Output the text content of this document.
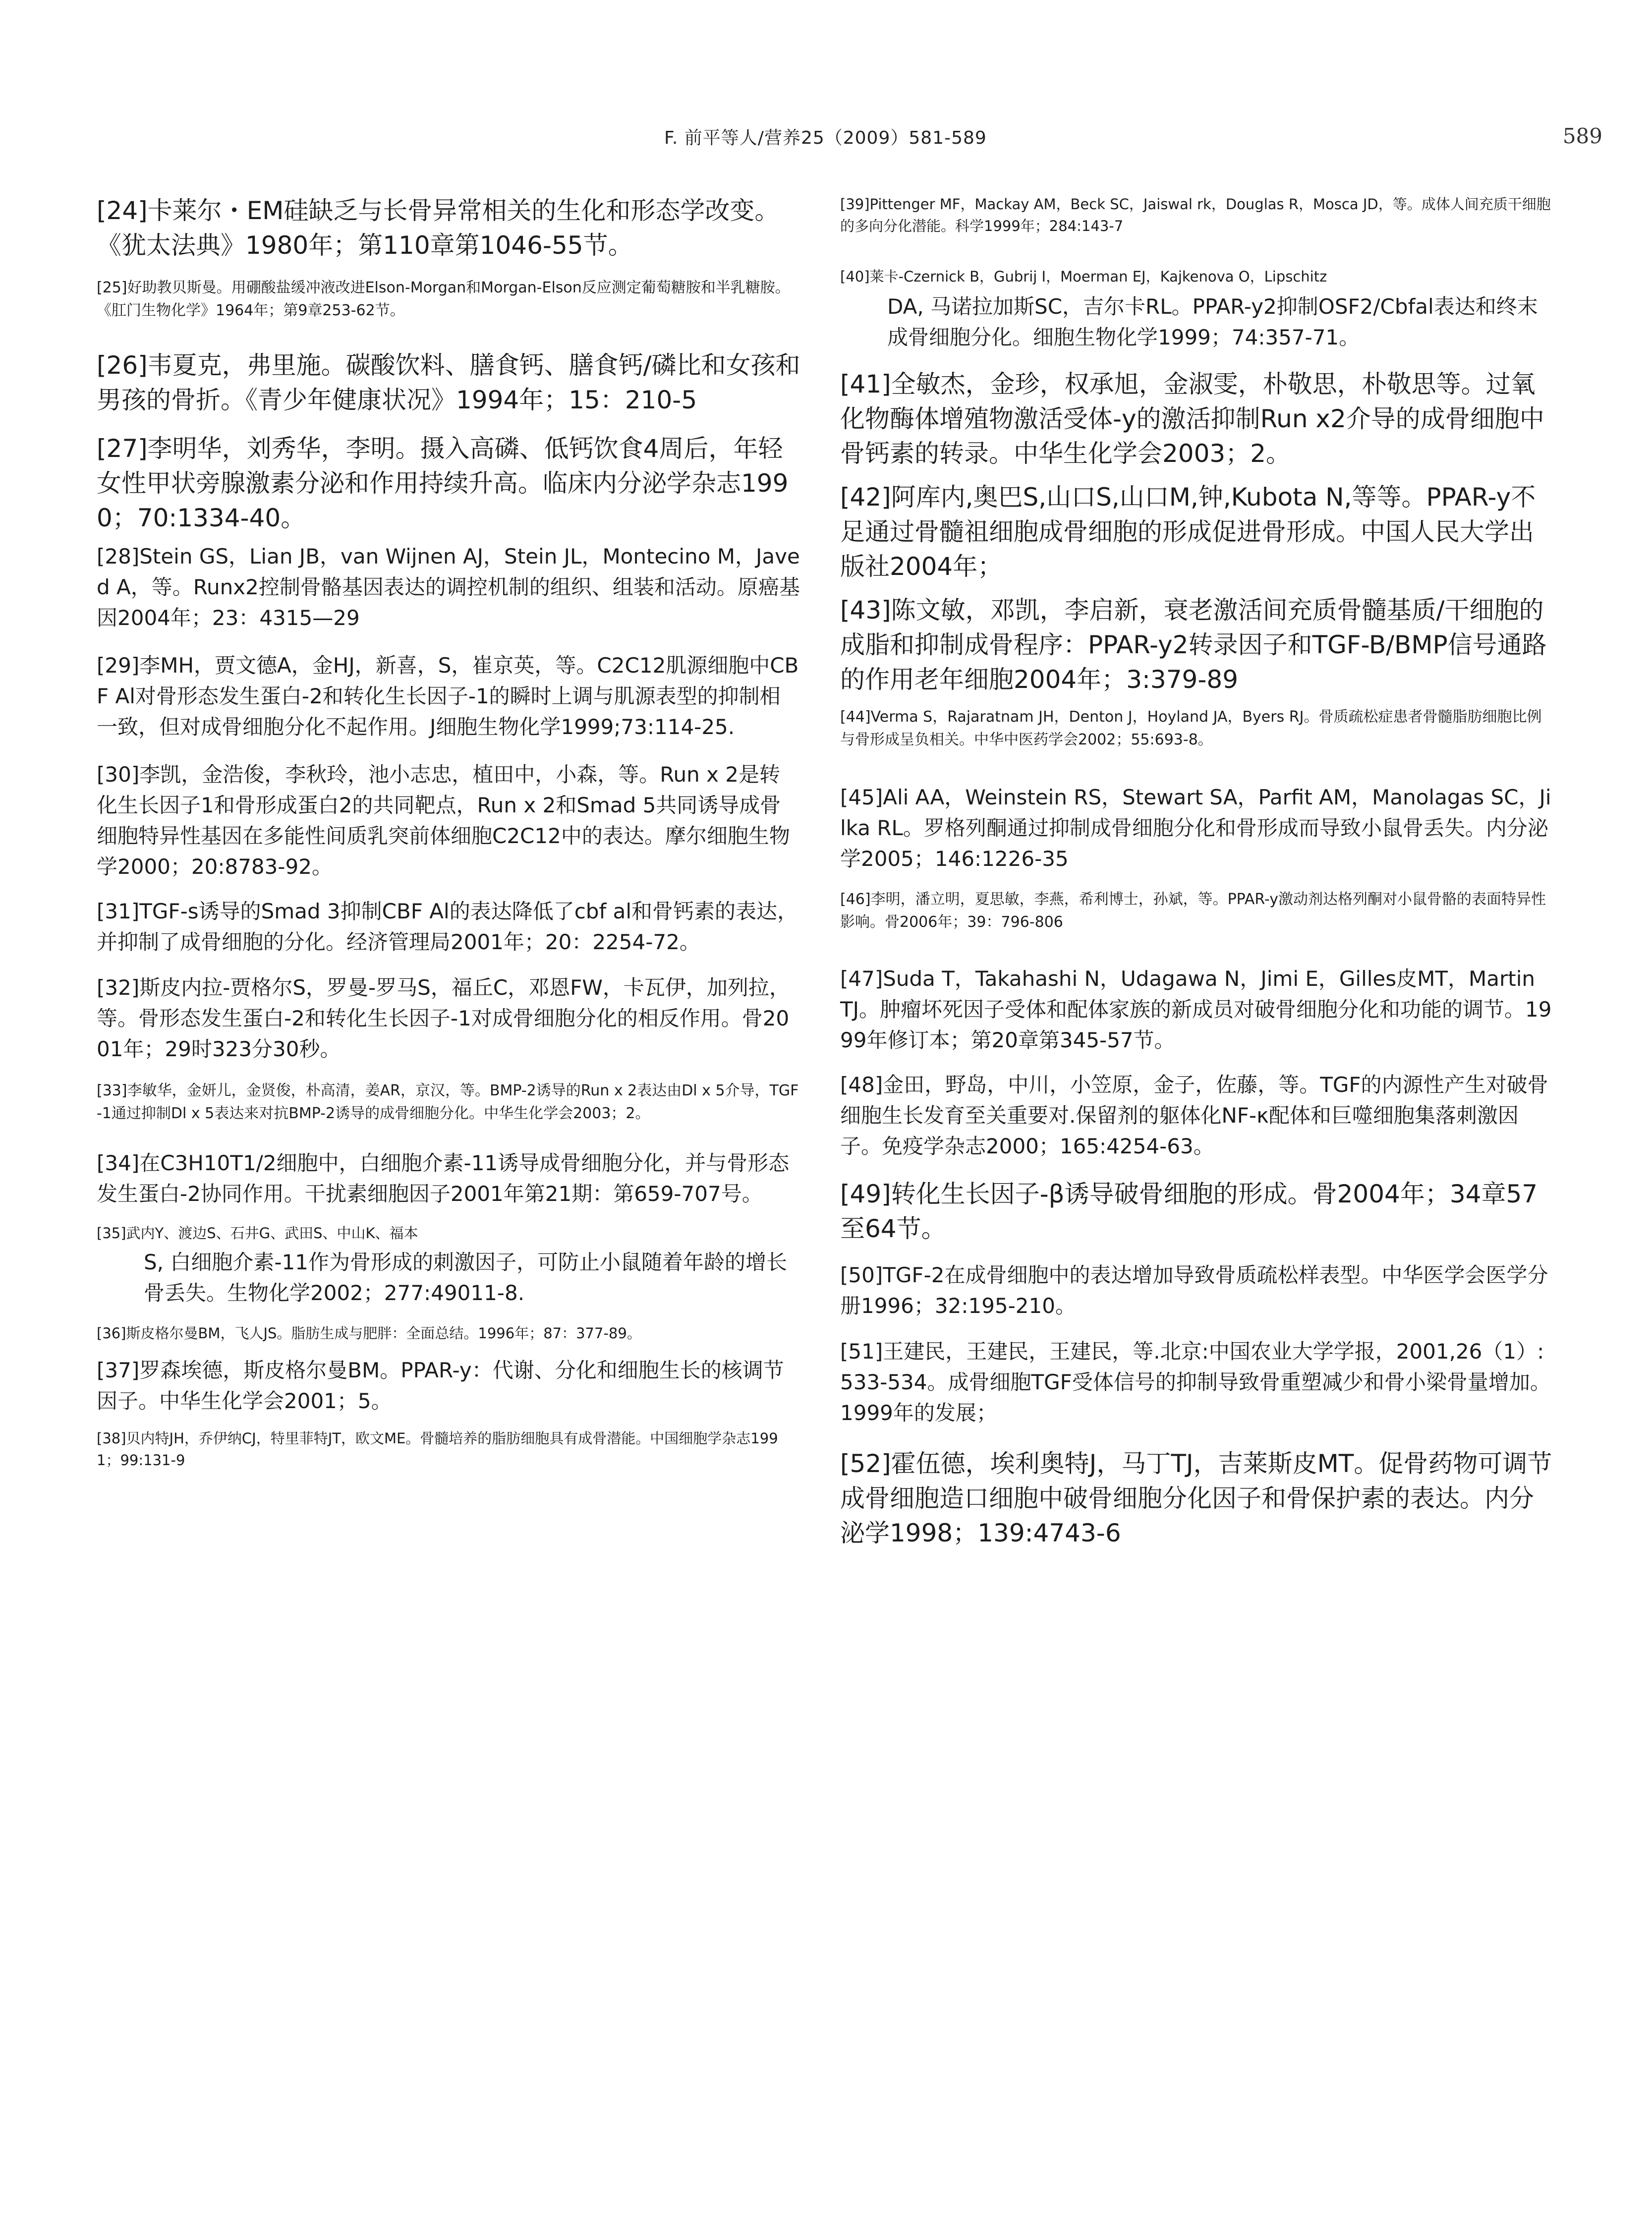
F. 前平等人/营养25（2009）581-589	589

[24]卡莱尔・EM硅缺乏与长骨异常相关的生化和形态学改变。《犹太法典》1980年；第110章第1046-55节。

[25]好助教贝斯曼。用硼酸盐缓冲液改进Elson-Morgan和Morgan-Elson反应测定葡萄糖胺和半乳糖胺。《肛门生物化学》1964年；第9章253-62节。

[26]韦夏克，弗里施。碳酸饮料、膳食钙、膳食钙/磷比和女孩和男孩的骨折。《青少年健康状况》1994年；15：210-5

[27]李明华，刘秀华，李明。摄入高磷、低钙饮食4周后，年轻女性甲状旁腺激素分泌和作用持续升高。临床内分泌学杂志1990；70:1334-40。

[28]Stein GS，Lian JB，van Wijnen AJ，Stein JL，Montecino M，Javed A，等。Runx2控制骨骼基因表达的调控机制的组织、组装和活动。原癌基因2004年；23：4315—29

[29]李MH，贾文德A，金HJ，新喜，S，崔京英，等。C2C12肌源细胞中CBF Al对骨形态发生蛋白-2和转化生长因子-1的瞬时上调与肌源表型的抑制相一致，但对成骨细胞分化不起作用。J细胞生物化学1999;73:114-25.

[30]李凯，金浩俊，李秋玲，池小志忠，植田中，小森，等。Run x 2是转化生长因子1和骨形成蛋白2的共同靶点，Run x 2和Smad 5共同诱导成骨细胞特异性基因在多能性间质乳突前体细胞C2C12中的表达。摩尔细胞生物学2000；20:8783-92。

[31]TGF-s诱导的Smad 3抑制CBF Al的表达降低了cbf al和骨钙素的表达，并抑制了成骨细胞的分化。经济管理局2001年；20：2254-72。

[32]斯皮内拉-贾格尔S，罗曼-罗马S，福丘C，邓恩FW，卡瓦伊，加列拉，等。骨形态发生蛋白-2和转化生长因子-1对成骨细胞分化的相反作用。骨2001年；29时323分30秒。

[33]李敏华，金妍儿，金贤俊，朴高清，姜AR，京汉，等。BMP-2诱导的Run x 2表达由Dl x 5介导，TGF-1通过抑制Dl x 5表达来对抗BMP-2诱导的成骨细胞分化。中华生化学会2003；2。

[34]在C3H10T1/2细胞中，白细胞介素-11诱导成骨细胞分化，并与骨形态发生蛋白-2协同作用。干扰素细胞因子2001年第21期：第659-707号。

[35]武内Y、渡边S、石井G、武田S、中山K、福本

S, 白细胞介素-11作为骨形成的刺激因子，可防止小鼠随着年龄的增长骨丢失。生物化学2002；277:49011-8.

[36]斯皮格尔曼BM，飞人JS。脂肪生成与肥胖：全面总结。1996年；87：377-89。

[37]罗森埃德，斯皮格尔曼BM。PPAR-y：代谢、分化和细胞生长的核调节因子。中华生化学会2001；5。

[38]贝内特JH，乔伊纳CJ，特里菲特JT，欧文ME。骨髓培养的脂肪细胞具有成骨潜能。中国细胞学杂志1991；99:131-9

[39]Pittenger MF，Mackay AM，Beck SC，Jaiswal rk，Douglas R，Mosca JD，等。成体人间充质干细胞的多向分化潜能。科学1999年；284:143-7

[40]莱卡-Czernick B，Gubrij I，Moerman EJ，Kajkenova O，Lipschitz

DA, 马诺拉加斯SC，吉尔卡RL。PPAR-y2抑制OSF2/Cbfal表达和终末成骨细胞分化。细胞生物化学1999；74:357-71。

[41]全敏杰，金珍，权承旭，金淑雯，朴敬思，朴敬思等。过氧化物酶体增殖物激活受体-y的激活抑制Run x2介导的成骨细胞中骨钙素的转录。中华生化学会2003；2。

[42]阿库内,奥巴S,山口S,山口M,钟,Kubota N,等等。PPAR-y不足通过骨髓祖细胞成骨细胞的形成促进骨形成。中国人民大学出版社2004年；

[43]陈文敏，邓凯，李启新，衰老激活间充质骨髓基质/干细胞的成脂和抑制成骨程序：PPAR-y2转录因子和TGF-B/BMP信号通路的作用老年细胞2004年；3:379-89

[44]Verma S，Rajaratnam JH，Denton J，Hoyland JA，Byers RJ。骨质疏松症患者骨髓脂肪细胞比例与骨形成呈负相关。中华中医药学会2002；55:693-8。

[45]Ali AA，Weinstein RS，Stewart SA，Parfit AM，Manolagas SC，Jilka RL。罗格列酮通过抑制成骨细胞分化和骨形成而导致小鼠骨丢失。内分泌学2005；146:1226-35

[46]李明，潘立明，夏思敏，李燕，希利博士，孙斌，等。PPAR-y激动剂达格列酮对小鼠骨骼的表面特异性影响。骨2006年；39：796-806

[47]Suda T，Takahashi N，Udagawa N，Jimi E，Gilles皮MT，Martin TJ。肿瘤坏死因子受体和配体家族的新成员对破骨细胞分化和功能的调节。1999年修订本；第20章第345-57节。

[48]金田，野岛，中川，小笠原，金子，佐藤，等。TGF的内源性产生对破骨细胞生长发育至关重要对.保留剂的躯体化NF-κ配体和巨噬细胞集落刺激因子。免疫学杂志2000；165:4254-63。

[49]转化生长因子-β诱导破骨细胞的形成。骨2004年；34章57至64节。

[50]TGF-2在成骨细胞中的表达增加导致骨质疏松样表型。中华医学会医学分册1996；32:195-210。

[51]王建民，王建民，王建民，等.北京:中国农业大学学报，2001,26（1）:533-534。成骨细胞TGF受体信号的抑制导致骨重塑减少和骨小梁骨量增加。1999年的发展；

[52]霍伍德，埃利奥特J，马丁TJ，吉莱斯皮MT。促骨药物可调节成骨细胞造口细胞中破骨细胞分化因子和骨保护素的表达。内分泌学1998；139:4743-6
